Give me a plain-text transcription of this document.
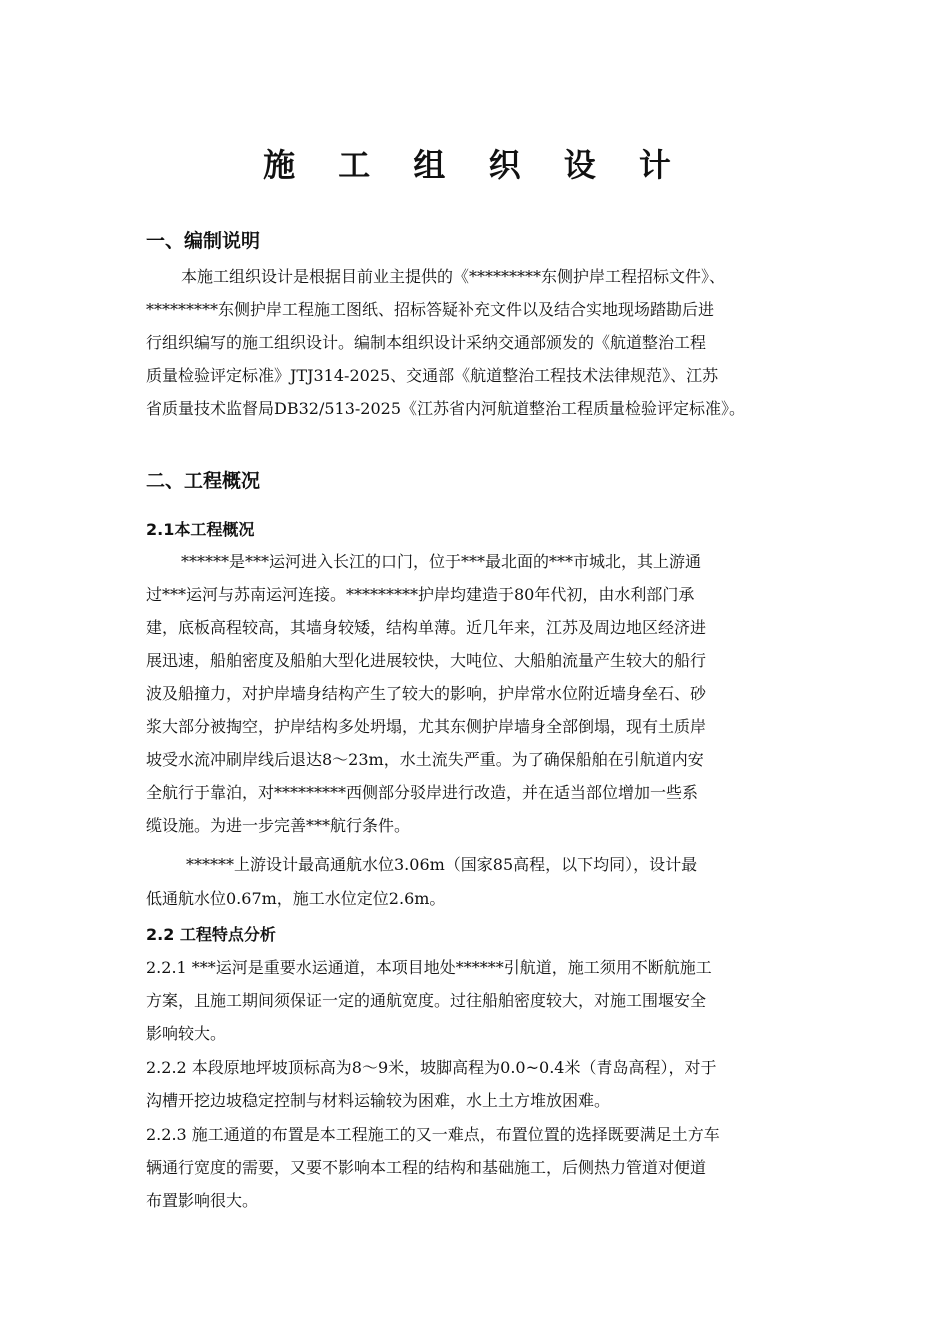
施 工 组 织 设 计
一、编制说明

本施工组织设计是根据目前业主提供的《*********东侧护岸工程招标文件》、

*********东侧护岸工程施工图纸、招标答疑补充文件以及结合实地现场踏勘后进

行组织编写的施工组织设计。编制本组织设计采纳交通部颁发的《航道整治工程

质量检验评定标准》JTJ314-2025、交通部《航道整治工程技术法律规范》、江苏

省质量技术监督局DB32/513-2025《江苏省内河航道整治工程质量检验评定标准》。

二、工程概况
2.1本工程概况

******是***运河进入长江的口门，位于***最北面的***市城北，其上游通

过***运河与苏南运河连接。*********护岸均建造于80年代初，由水利部门承

建，底板高程较高，其墙身较矮，结构单薄。近几年来，江苏及周边地区经济进

展迅速，船舶密度及船舶大型化进展较快，大吨位、大船舶流量产生较大的船行

波及船撞力，对护岸墙身结构产生了较大的影响，护岸常水位附近墙身垒石、砂

浆大部分被掏空，护岸结构多处坍塌，尤其东侧护岸墙身全部倒塌，现有土质岸

坡受水流冲刷岸线后退达8～23m，水土流失严重。为了确保船舶在引航道内安

全航行于靠泊，对*********西侧部分驳岸进行改造，并在适当部位增加一些系

缆设施。为进一步完善***航行条件。

******上游设计最高通航水位3.06m（国家85高程，以下均同），设计最

低通航水位0.67m，施工水位定位2.6m。

2.2 工程特点分析

2.2.1 ***运河是重要水运通道，本项目地处******引航道，施工须用不断航施工

方案，且施工期间须保证一定的通航宽度。过往船舶密度较大，对施工围堰安全

影响较大。

2.2.2 本段原地坪坡顶标高为8～9米，坡脚高程为0.0~0.4米（青岛高程），对于

沟槽开挖边坡稳定控制与材料运输较为困难，水上土方堆放困难。

2.2.3 施工通道的布置是本工程施工的又一难点，布置位置的选择既要满足土方车

辆通行宽度的需要，又要不影响本工程的结构和基础施工，后侧热力管道对便道

布置影响很大。
